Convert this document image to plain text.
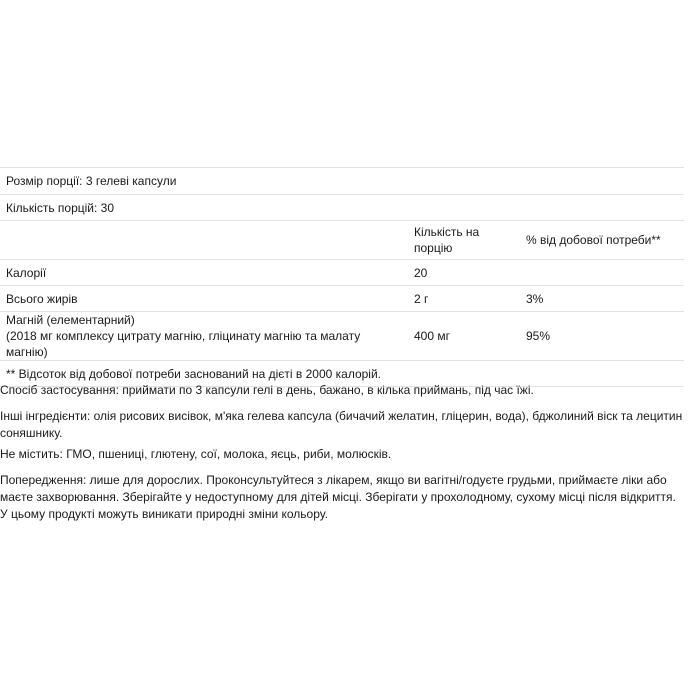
Розмір порції: 3 гелеві капсули		
Кількість порцій: 30		
	Кількість на порцію	% від добової потреби**
Калорії	20	
Всього жирів	2 г	3%

Магній (елементарний)
(2018 мг комплексу цитрату магнію, гліцинату магнію та малату магнію)	400 мг	95%
** Відсоток від добової потреби заснований на дієті в 2000 калорій.		

Спосіб застосування: приймати по 3 капсули гелі в день, бажано, в кілька приймань, під час їжі.

Інші інгредієнти: олія рисових висівок, м'яка гелева капсула (бичачий желатин, гліцерин, вода), бджолиний віск та лецитин соняшнику.

Не містить: ГМО, пшениці, глютену, сої, молока, яєць, риби, молюсків.

Попередження: лише для дорослих. Проконсультуйтеся з лікарем, якщо ви вагітні/годуєте грудьми, приймаєте ліки або маєте захворювання. Зберігайте у недоступному для дітей місці. Зберігати у прохолодному, сухому місці після відкриття. У цьому продукті можуть виникати природні зміни кольору.
